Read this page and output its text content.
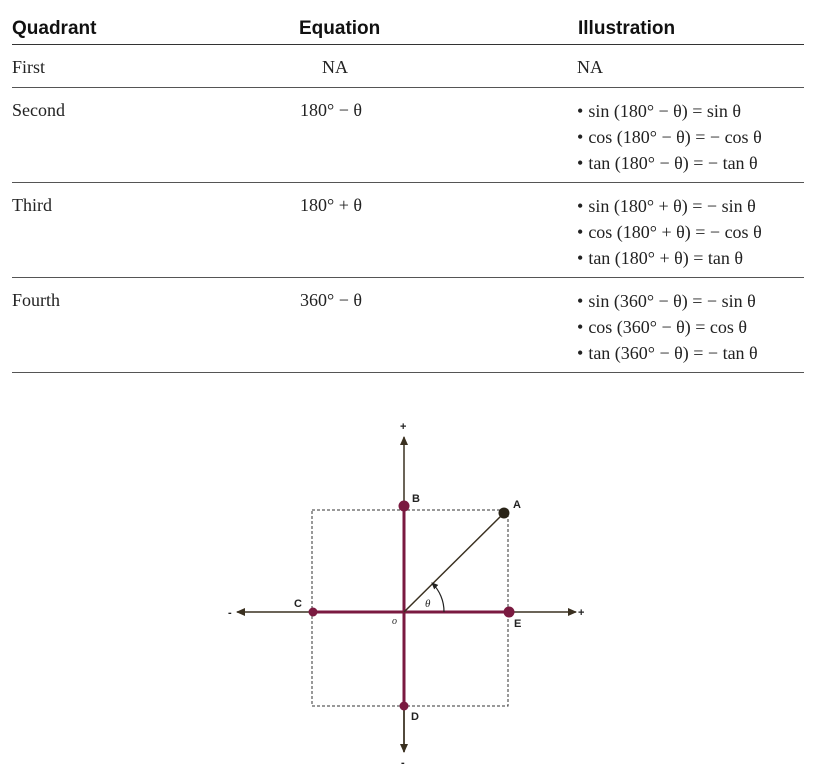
Quadrant	Equation	Illustration
First	NA	NA
Second	180° − θ	• sin (180° − θ) = sin θ
• cos (180° − θ) = − cos θ
• tan (180° − θ) = − tan θ
Third	180° + θ	• sin (180° + θ) = − sin θ
• cos (180° + θ) = − cos θ
• tan (180° + θ) = tan θ
Fourth	360° − θ	• sin (360° − θ) = − sin θ
• cos (360° − θ) = cos θ
• tan (360° − θ) = − tan θ
θ
A
B
C
D
E
o
+
-
-	+
